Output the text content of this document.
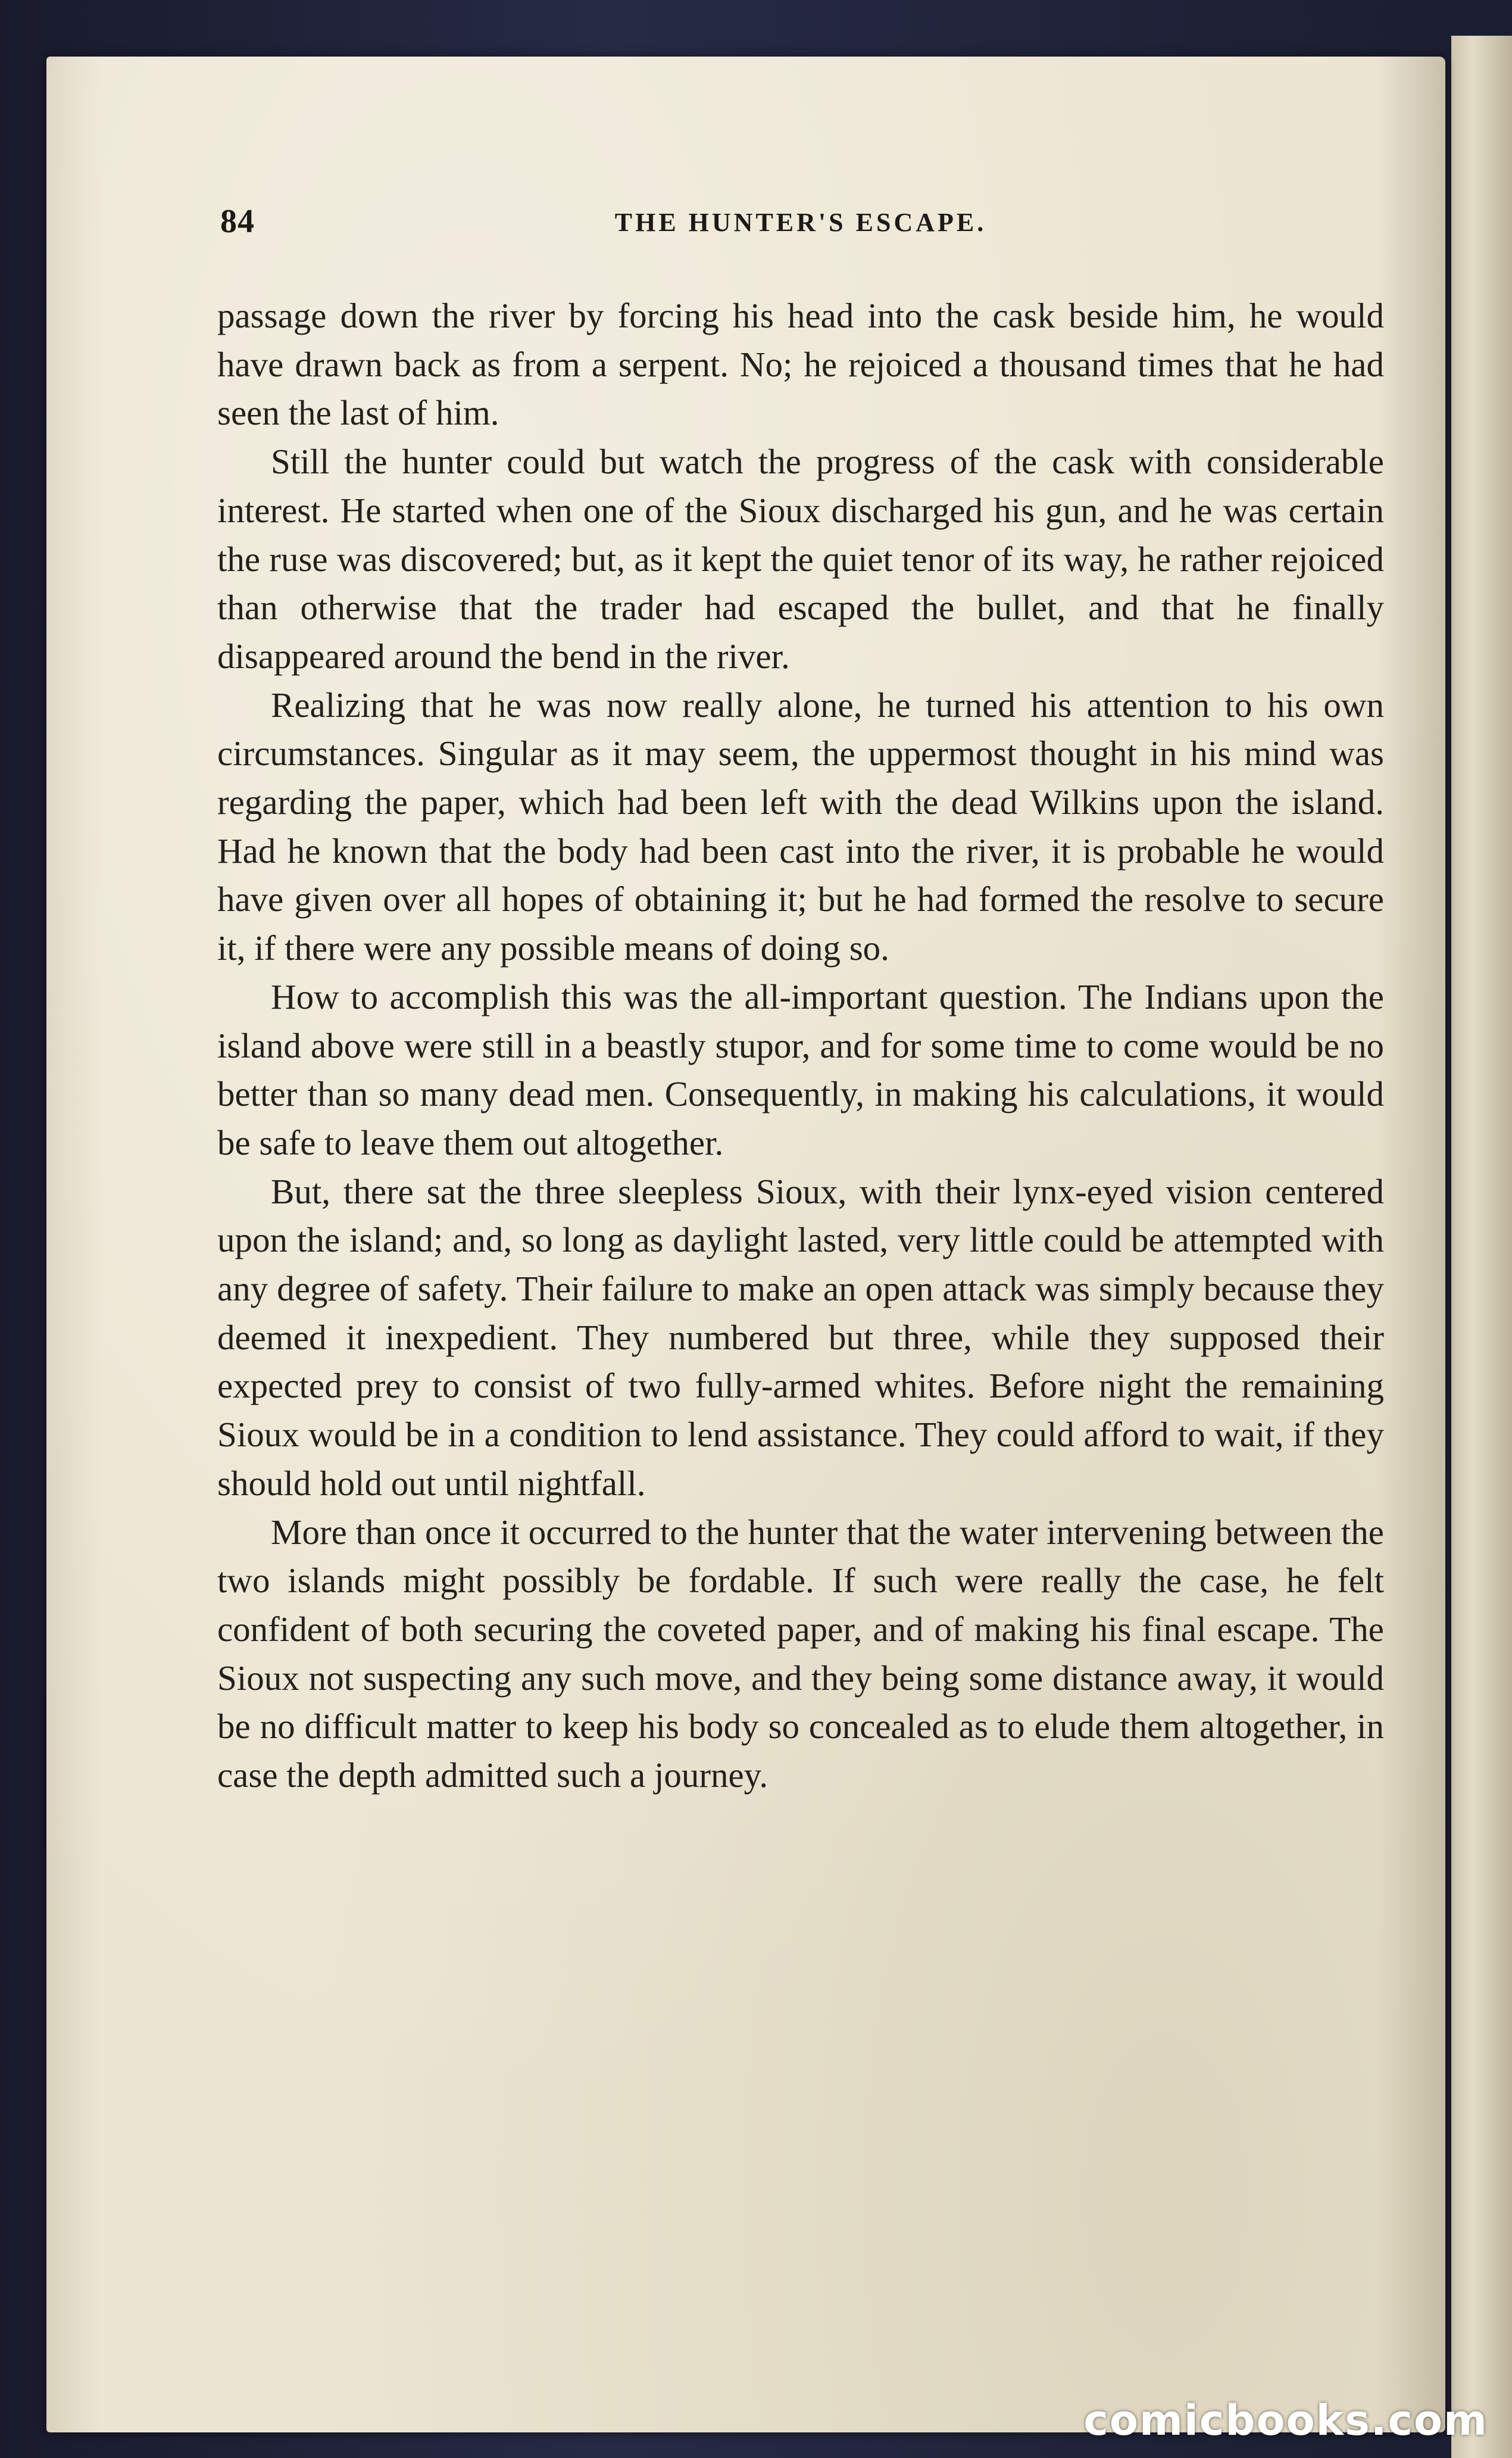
84	THE HUNTER'S ESCAPE.

passage down the river by forcing his head into the cask beside him, he would have drawn back as from a serpent. No; he rejoiced a thousand times that he had seen the last of him.

Still the hunter could but watch the progress of the cask with considerable interest. He started when one of the Sioux discharged his gun, and he was certain the ruse was discovered; but, as it kept the quiet tenor of its way, he rather rejoiced than otherwise that the trader had escaped the bullet, and that he finally disappeared around the bend in the river.

Realizing that he was now really alone, he turned his attention to his own circumstances. Singular as it may seem, the uppermost thought in his mind was regarding the paper, which had been left with the dead Wilkins upon the island. Had he known that the body had been cast into the river, it is probable he would have given over all hopes of obtaining it; but he had formed the resolve to secure it, if there were any possible means of doing so.

How to accomplish this was the all-important question. The Indians upon the island above were still in a beastly stupor, and for some time to come would be no better than so many dead men. Consequently, in making his calculations, it would be safe to leave them out altogether.

But, there sat the three sleepless Sioux, with their lynx-eyed vision centered upon the island; and, so long as daylight lasted, very little could be attempted with any degree of safety. Their failure to make an open attack was simply because they deemed it inexpedient. They numbered but three, while they supposed their expected prey to consist of two fully-armed whites. Before night the remaining Sioux would be in a condition to lend assistance. They could afford to wait, if they should hold out until nightfall.

More than once it occurred to the hunter that the water intervening between the two islands might possibly be fordable. If such were really the case, he felt confident of both securing the coveted paper, and of making his final escape. The Sioux not suspecting any such move, and they being some distance away, it would be no difficult matter to keep his body so concealed as to elude them altogether, in case the depth admitted such a journey.

comicbooks.com
